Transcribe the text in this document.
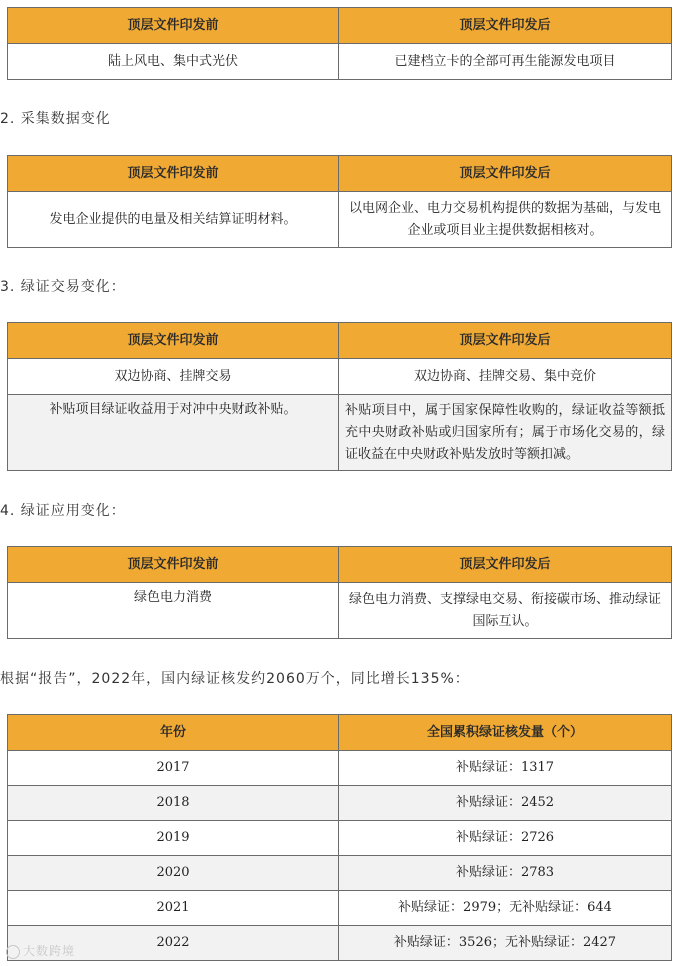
顶层文件印发前	顶层文件印发后
陆上风电、集中式光伏	已建档立卡的全部可再生能源发电项目
2. 采集数据变化
顶层文件印发前	顶层文件印发后
发电企业提供的电量及相关结算证明材料。	以电网企业、电力交易机构提供的数据为基础，与发电企业或项目业主提供数据相核对。
3. 绿证交易变化：
顶层文件印发前	顶层文件印发后
双边协商、挂牌交易	双边协商、挂牌交易、集中竞价
补贴项目绿证收益用于对冲中央财政补贴。	补贴项目中，属于国家保障性收购的，绿证收益等额抵充中央财政补贴或归国家所有；属于市场化交易的，绿证收益在中央财政补贴发放时等额扣减。
4. 绿证应用变化：
顶层文件印发前	顶层文件印发后
绿色电力消费	绿色电力消费、支撑绿电交易、衔接碳市场、推动绿证国际互认。
根据“报告”，2022年，国内绿证核发约2060万个，同比增长135%：
年份	全国累积绿证核发量（个）
2017	补贴绿证：1317
2018	补贴绿证：2452
2019	补贴绿证：2726
2020	补贴绿证：2783
2021	补贴绿证：2979；无补贴绿证：644
2022	补贴绿证：3526；无补贴绿证：2427
大数跨境
